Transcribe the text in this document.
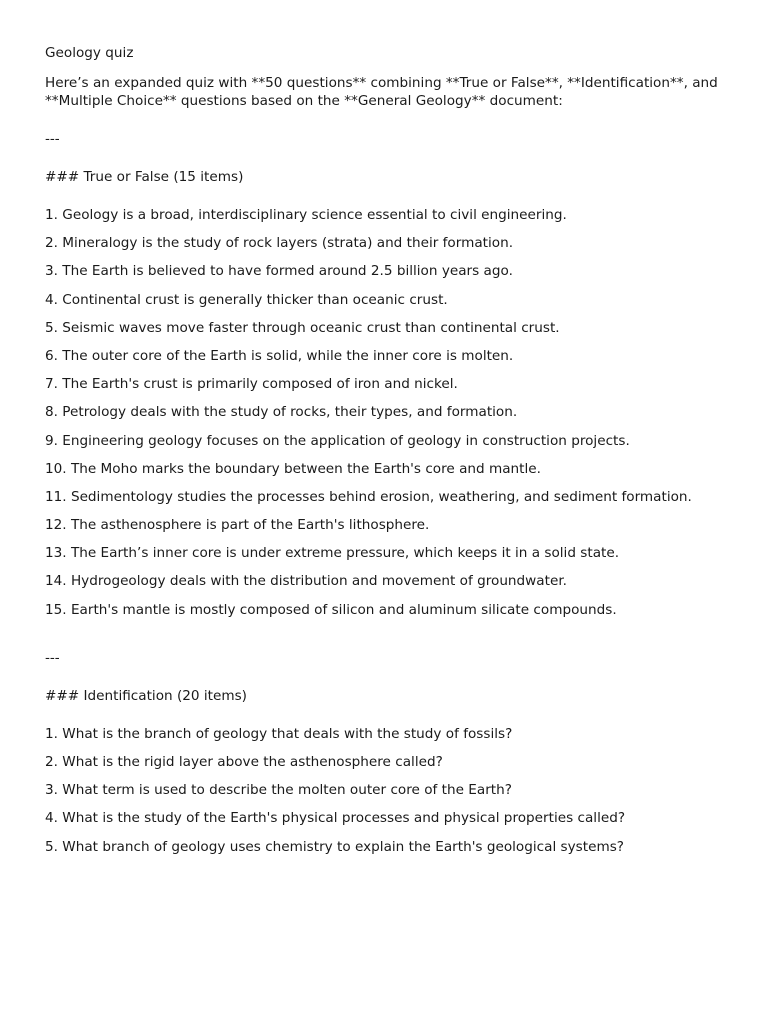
Geology quiz
Here’s an expanded quiz with **50 questions** combining **True or False**, **Identification**, and **Multiple Choice** questions based on the **General Geology** document:
---
### True or False (15 items)
1. Geology is a broad, interdisciplinary science essential to civil engineering.
2. Mineralogy is the study of rock layers (strata) and their formation.
3. The Earth is believed to have formed around 2.5 billion years ago.
4. Continental crust is generally thicker than oceanic crust.
5. Seismic waves move faster through oceanic crust than continental crust.
6. The outer core of the Earth is solid, while the inner core is molten.
7. The Earth's crust is primarily composed of iron and nickel.
8. Petrology deals with the study of rocks, their types, and formation.
9. Engineering geology focuses on the application of geology in construction projects.
10. The Moho marks the boundary between the Earth's core and mantle.
11. Sedimentology studies the processes behind erosion, weathering, and sediment formation.
12. The asthenosphere is part of the Earth's lithosphere.
13. The Earth’s inner core is under extreme pressure, which keeps it in a solid state.
14. Hydrogeology deals with the distribution and movement of groundwater.
15. Earth's mantle is mostly composed of silicon and aluminum silicate compounds.
---
### Identification (20 items)
1. What is the branch of geology that deals with the study of fossils?
2. What is the rigid layer above the asthenosphere called?
3. What term is used to describe the molten outer core of the Earth?
4. What is the study of the Earth's physical processes and physical properties called?
5. What branch of geology uses chemistry to explain the Earth's geological systems?
